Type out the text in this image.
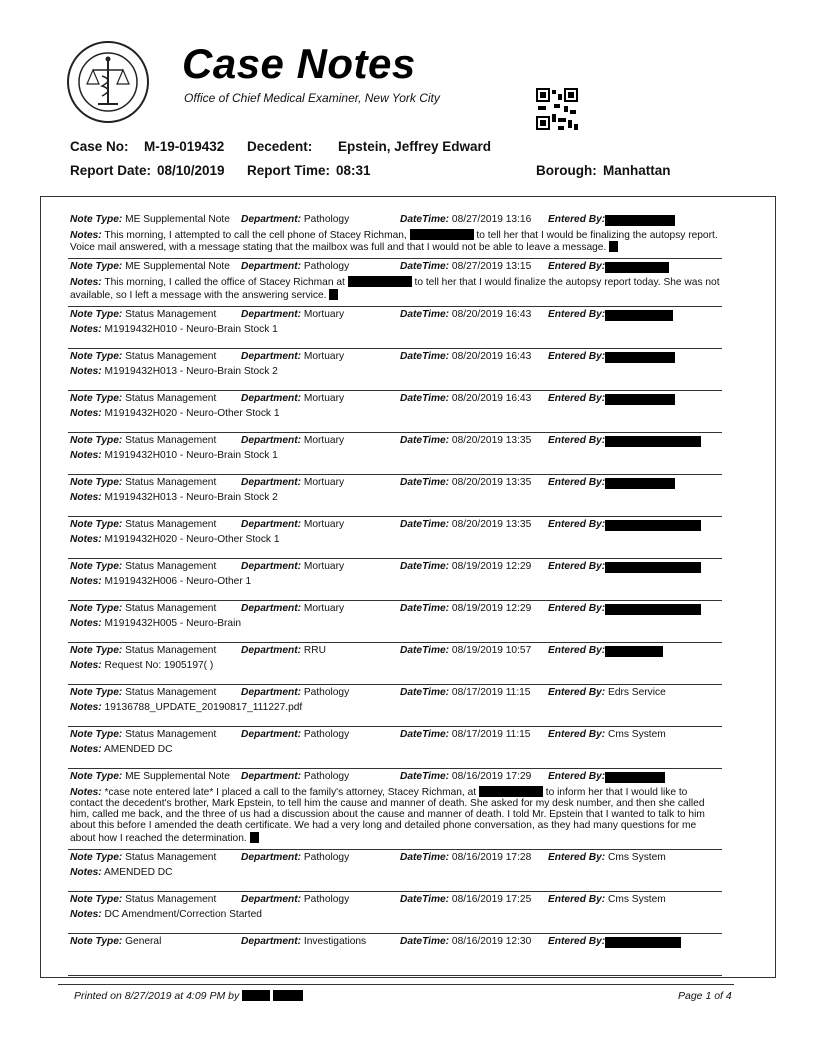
Case Notes
Office of Chief Medical Examiner, New York City
Case No: M-19-019432 Decedent: Epstein, Jeffrey Edward
Report Date: 08/10/2019 Report Time: 08:31	Borough: Manhattan
Note Type: ME Supplemental Note Department: Pathology	DateTime: 08/27/2019 13:16 Entered By:
Notes: This morning, I attempted to call the cell phone of Stacey Richman,	to tell her that I would be finalizing the autopsy report. Voice mail answered, with a message stating that the mailbox was full and that I would not be able to leave a message.
Note Type: ME Supplemental Note Department: Pathology	DateTime: 08/27/2019 13:15 Entered By:
Notes: This morning, I called the office of Stacey Richman at	to tell her that I would finalize the autopsy report today. She was not available, so I left a message with the answering service.
Note Type: Status Management Department: Mortuary	DateTime: 08/20/2019 16:43 Entered By:
Notes: M1919432H010 - Neuro-Brain Stock 1
Note Type: Status Management Department: Mortuary	DateTime: 08/20/2019 16:43 Entered By:
Notes: M1919432H013 - Neuro-Brain Stock 2
Note Type: Status Management Department: Mortuary	DateTime: 08/20/2019 16:43 Entered By:
Notes: M1919432H020 - Neuro-Other Stock 1
Note Type: Status Management Department: Mortuary	DateTime: 08/20/2019 13:35 Entered By:
Notes: M1919432H010 - Neuro-Brain Stock 1
Note Type: Status Management Department: Mortuary	DateTime: 08/20/2019 13:35 Entered By:
Notes: M1919432H013 - Neuro-Brain Stock 2
Note Type: Status Management Department: Mortuary	DateTime: 08/20/2019 13:35 Entered By:
Notes: M1919432H020 - Neuro-Other Stock 1
Note Type: Status Management Department: Mortuary	DateTime: 08/19/2019 12:29 Entered By:
Notes: M1919432H006 - Neuro-Other 1
Note Type: Status Management Department: Mortuary	DateTime: 08/19/2019 12:29 Entered By:
Notes: M1919432H005 - Neuro-Brain
Note Type: Status Management Department: RRU	DateTime: 08/19/2019 10:57 Entered By:
Notes: Request No: 1905197( )
Note Type: Status Management Department: Pathology	DateTime: 08/17/2019 11:15 Entered By: Edrs Service
Notes: 19136788_UPDATE_20190817_111227.pdf
Note Type: Status Management Department: Pathology	DateTime: 08/17/2019 11:15 Entered By: Cms System
Notes: AMENDED DC
Note Type: ME Supplemental Note Department: Pathology	DateTime: 08/16/2019 17:29 Entered By:
Notes: *case note entered late* I placed a call to the family's attorney, Stacey Richman, at	to inform her that I would like to contact the decedent's brother, Mark Epstein, to tell him the cause and manner of death. She asked for my desk number, and then she called him, called me back, and the three of us had a discussion about the cause and manner of death. I told Mr. Epstein that I wanted to talk to him about this before I amended the death certificate. We had a very long and detailed phone conversation, as they had many questions for me about how I reached the determination.
Note Type: Status Management Department: Pathology	DateTime: 08/16/2019 17:28 Entered By: Cms System
Notes: AMENDED DC
Note Type: Status Management Department: Pathology	DateTime: 08/16/2019 17:25 Entered By: Cms System
Notes: DC Amendment/Correction Started
Note Type: General	Department: Investigations	DateTime: 08/16/2019 12:30 Entered By:
Printed on 8/27/2019 at 4:09 PM by	Page 1 of 4
